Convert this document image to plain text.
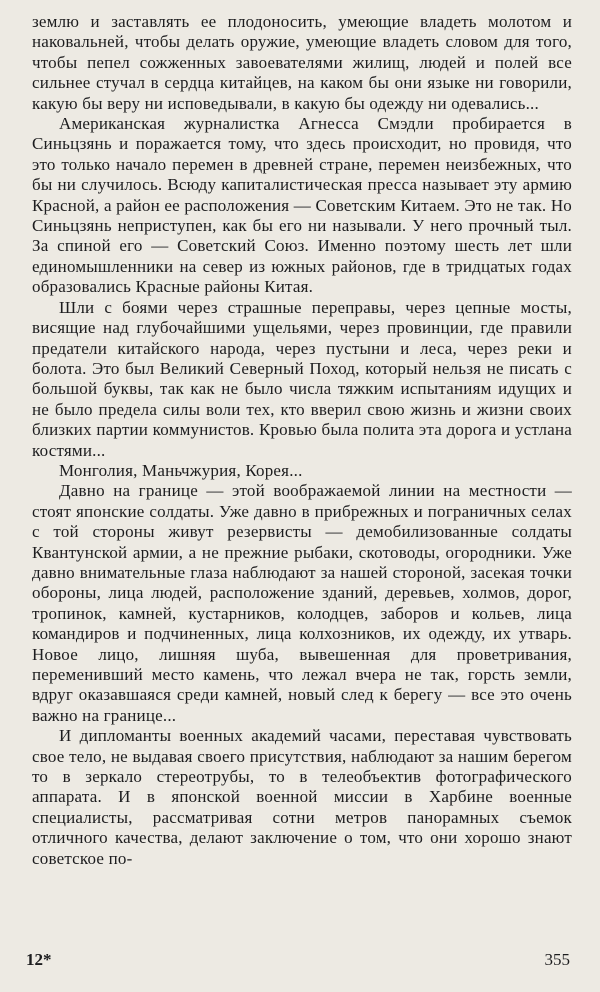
землю и заставлять ее плодоносить, умеющие владеть молотом и наковальней, чтобы делать оружие, умеющие владеть словом для того, чтобы пепел сожженных завоевателями жилищ, людей и полей все сильнее стучал в сердца китайцев, на каком бы они языке ни говорили, какую бы веру ни исповедывали, в какую бы одежду ни одевались...

Американская журналистка Агнесса Смэдли пробирается в Синьцзянь и поражается тому, что здесь происходит, но провидя, что это только начало перемен в древней стране, перемен неизбежных, что бы ни случилось. Всюду капиталистическая пресса называет эту армию Красной, а район ее расположения — Советским Китаем. Это не так. Но Синьцзянь неприступен, как бы его ни называли. У него прочный тыл. За спиной его — Советский Союз. Именно поэтому шесть лет шли единомышленники на север из южных районов, где в тридцатых годах образовались Красные районы Китая.

Шли с боями через страшные переправы, через цепные мосты, висящие над глубочайшими ущельями, через провинции, где правили предатели китайского народа, через пустыни и леса, через реки и болота. Это был Великий Северный Поход, который нельзя не писать с большой буквы, так как не было числа тяжким испытаниям идущих и не было предела силы воли тех, кто вверил свою жизнь и жизни своих близких партии коммунистов. Кровью была полита эта дорога и устлана костями...

Монголия, Маньчжурия, Корея...

Давно на границе — этой воображаемой линии на местности — стоят японские солдаты. Уже давно в прибрежных и пограничных селах с той стороны живут резервисты — демобилизованные солдаты Квантунской армии, а не прежние рыбаки, скотоводы, огородники. Уже давно внимательные глаза наблюдают за нашей стороной, засекая точки обороны, лица людей, расположение зданий, деревьев, холмов, дорог, тропинок, камней, кустарников, колодцев, заборов и кольев, лица командиров и подчиненных, лица колхозников, их одежду, их утварь. Новое лицо, лишняя шуба, вывешенная для проветривания, переменивший место камень, что лежал вчера не так, горсть земли, вдруг оказавшаяся среди камней, новый след к берегу — все это очень важно на границе...

И дипломанты военных академий часами, переставая чувствовать свое тело, не выдавая своего присутствия, наблюдают за нашим берегом то в зеркало стереотрубы, то в телеобъектив фотографического аппарата. И в японской военной миссии в Харбине военные специалисты, рассматривая сотни метров панорамных съемок отличного качества, делают заключение о том, что они хорошо знают советское по-

12*	355
